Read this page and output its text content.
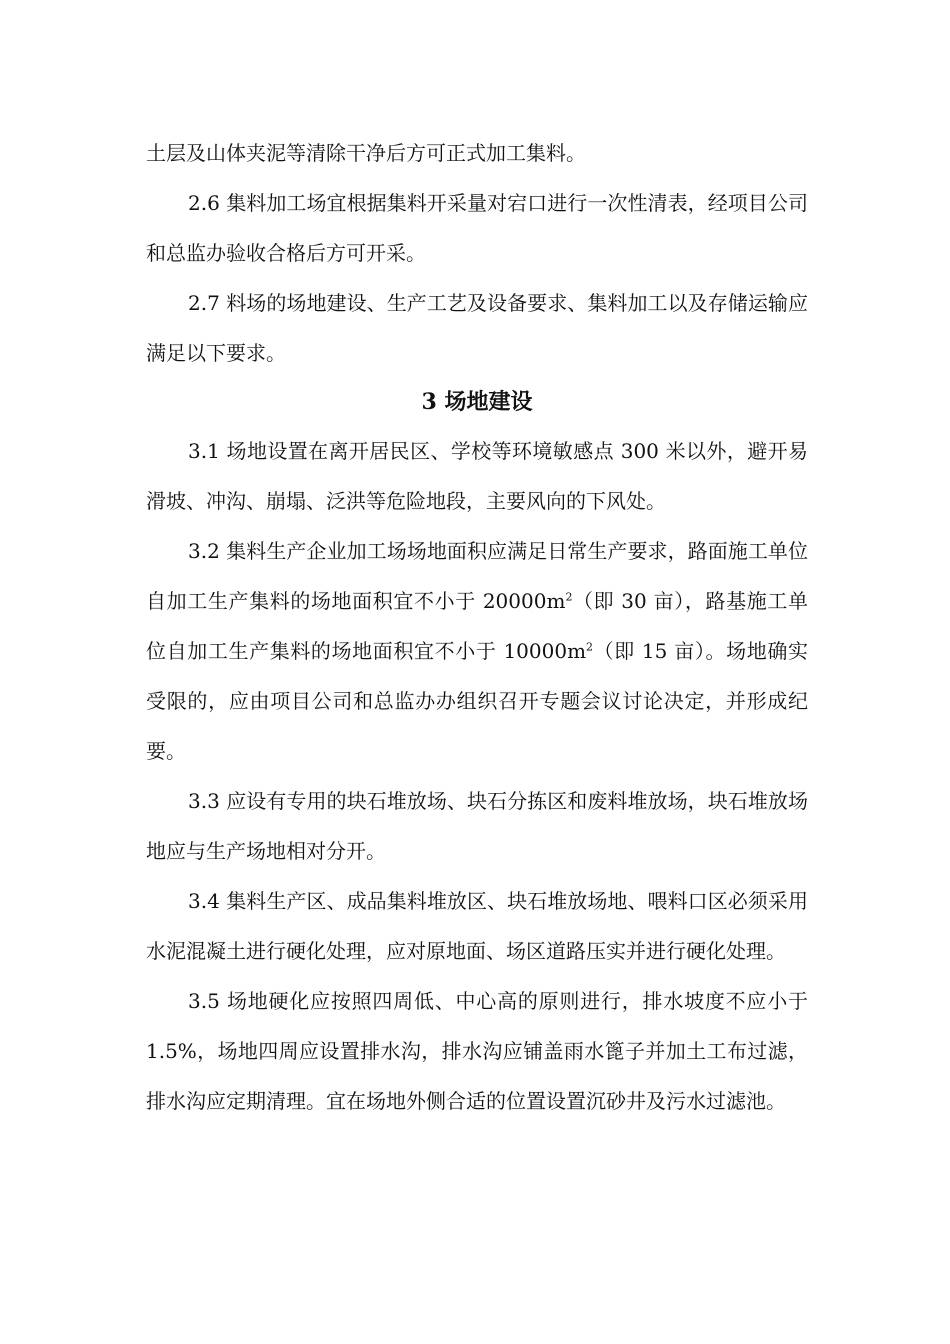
土层及山体夹泥等清除干净后方可正式加工集料。

2.6 集料加工场宜根据集料开采量对宕口进行一次性清表，经项目公司和总监办验收合格后方可开采。

2.7 料场的场地建设、生产工艺及设备要求、集料加工以及存储运输应满足以下要求。

3 场地建设

3.1 场地设置在离开居民区、学校等环境敏感点 300 米以外，避开易滑坡、冲沟、崩塌、泛洪等危险地段，主要风向的下风处。

3.2 集料生产企业加工场场地面积应满足日常生产要求，路面施工单位自加工生产集料的场地面积宜不小于 $20000m^2$（即 30 亩），路基施工单位自加工生产集料的场地面积宜不小于 $10000m^2$（即 15 亩）。场地确实受限的，应由项目公司和总监办办组织召开专题会议讨论决定，并形成纪要。

3.3 应设有专用的块石堆放场、块石分拣区和废料堆放场，块石堆放场地应与生产场地相对分开。

3.4 集料生产区、成品集料堆放区、块石堆放场地、喂料口区必须采用水泥混凝土进行硬化处理，应对原地面、场区道路压实并进行硬化处理。

3.5 场地硬化应按照四周低、中心高的原则进行，排水坡度不应小于 1.5%，场地四周应设置排水沟，排水沟应铺盖雨水篦子并加土工布过滤，排水沟应定期清理。宜在场地外侧合适的位置设置沉砂井及污水过滤池。
